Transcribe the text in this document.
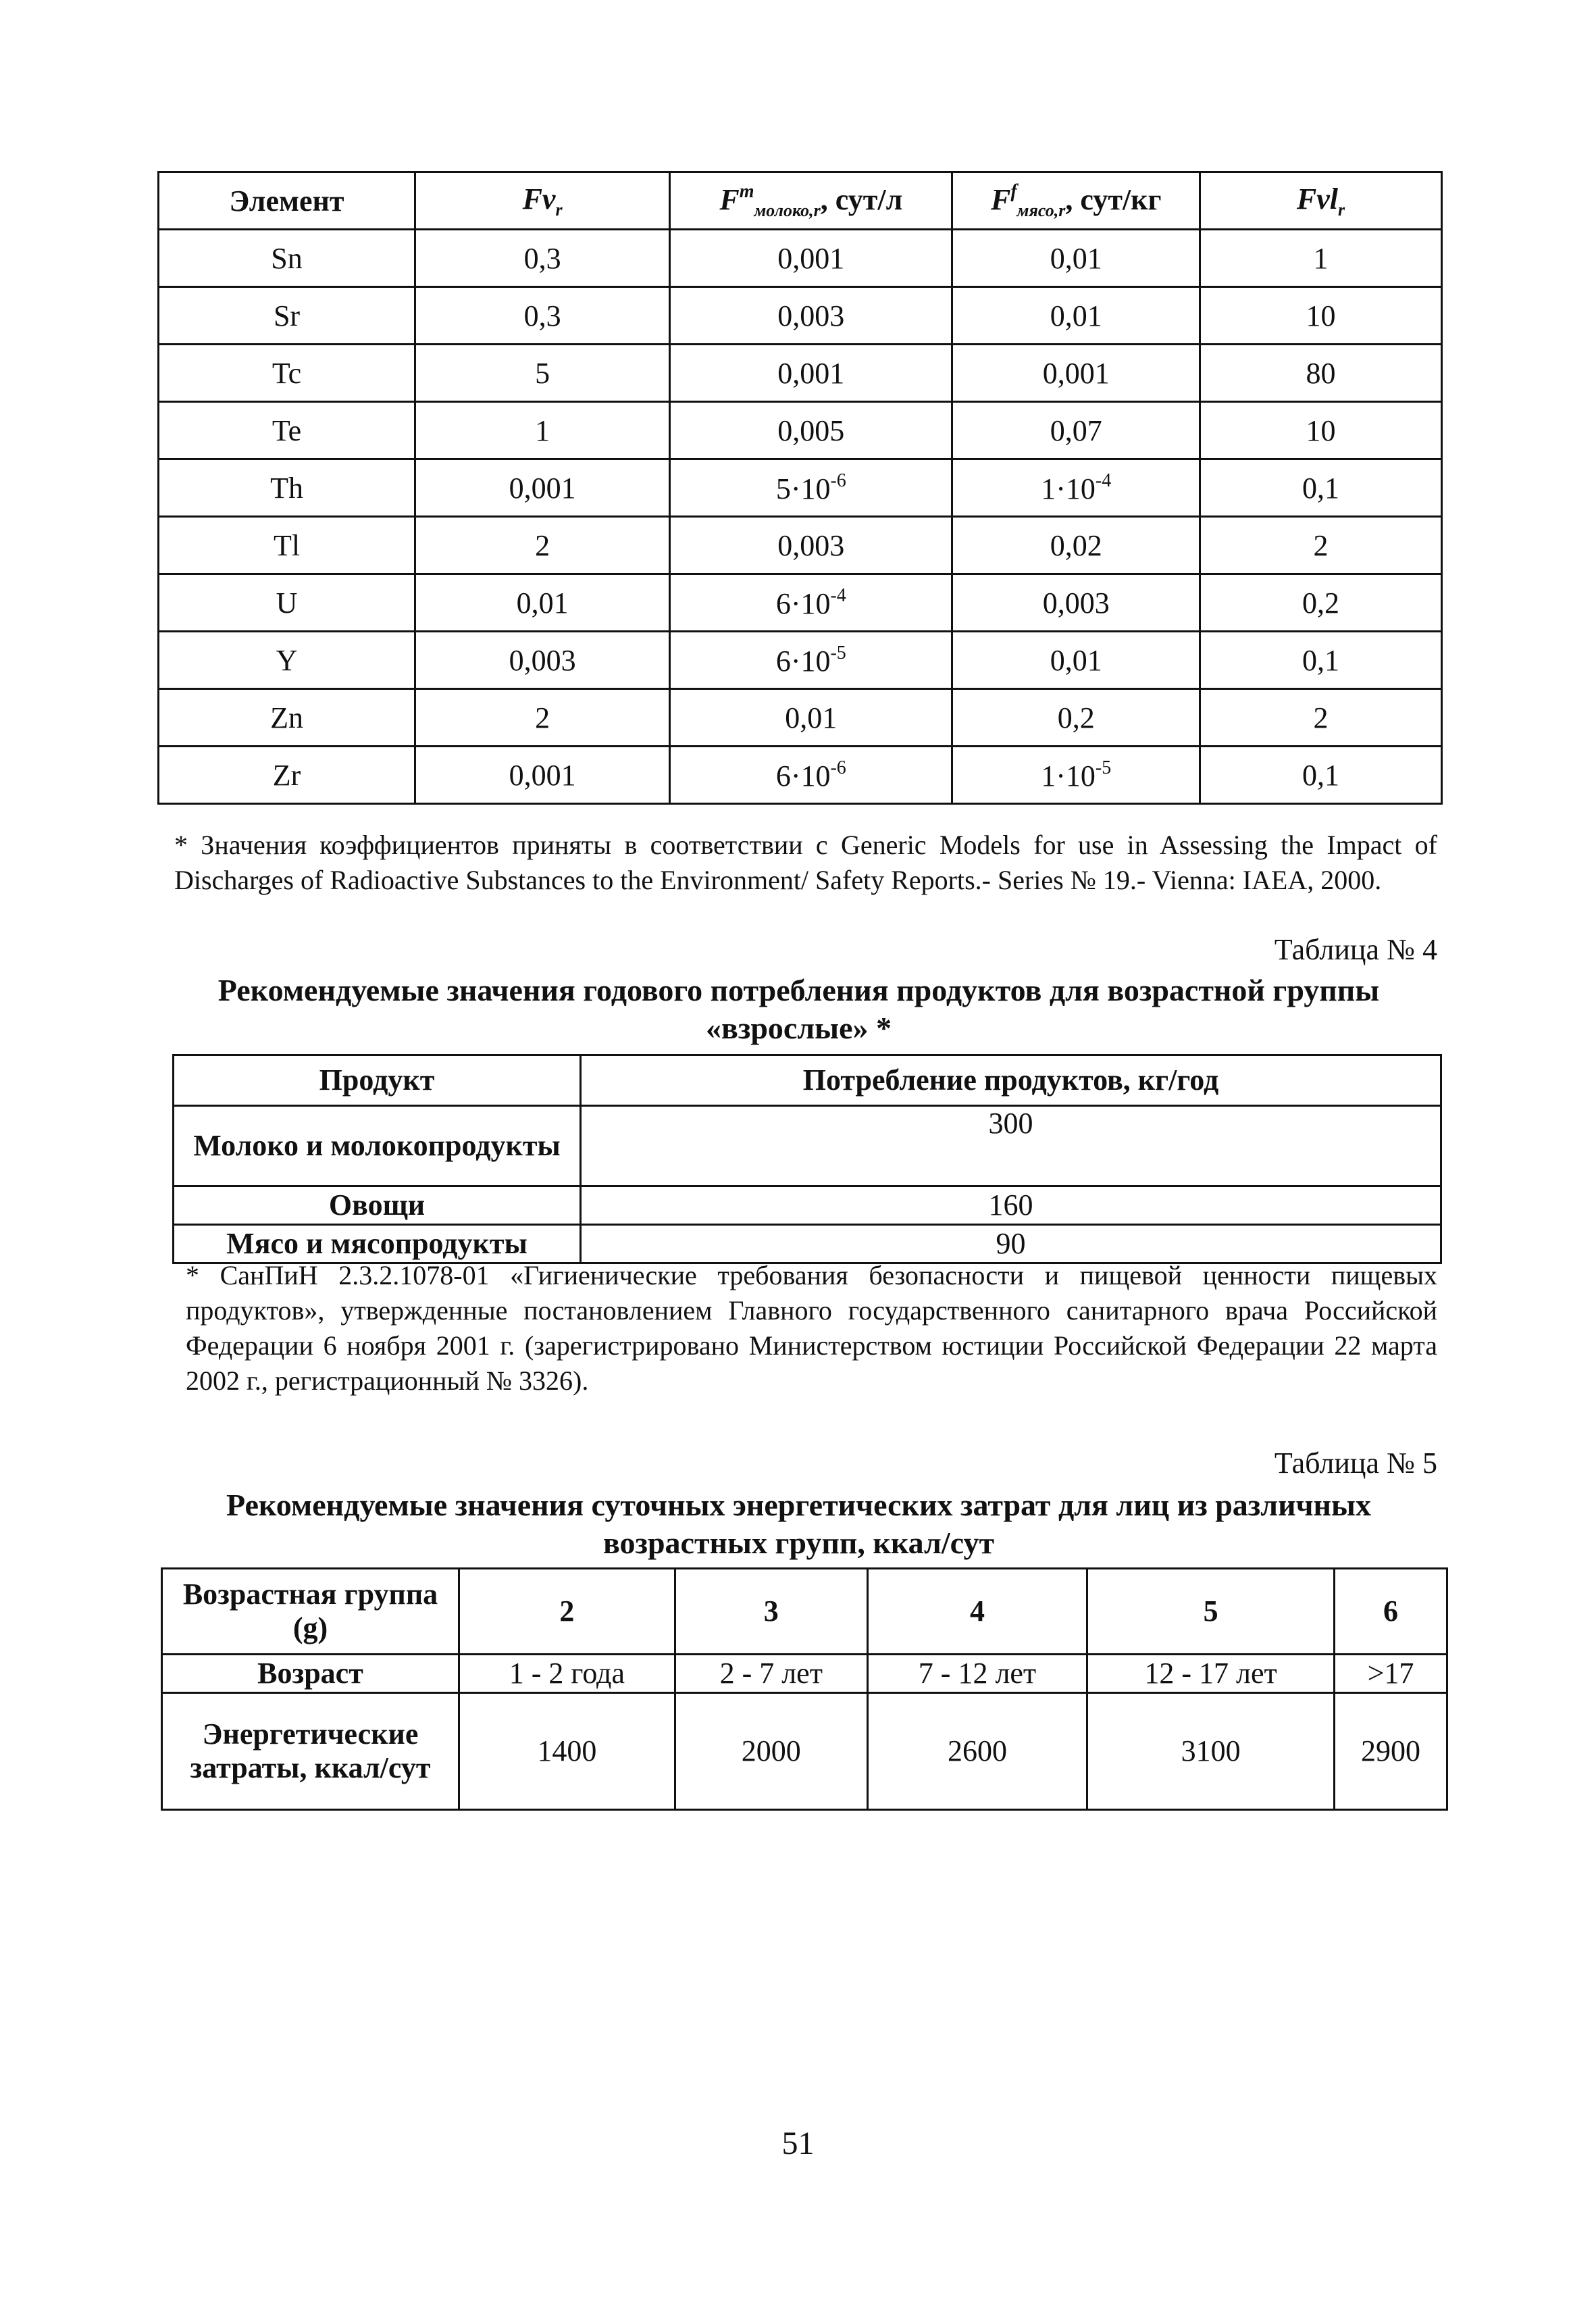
Элемент	$Fv_r$	$F^m_{молоко,r}$, сут/л	$F^f_{мясо,r}$, сут/кг	Fvl$_r$
Sn	0,3	0,001	0,01	1
Sr	0,3	0,003	0,01	10
Tc	5	0,001	0,001	80
Te	1	0,005	0,07	10
Th	0,001	$5\cdot 10^{-6}$	$1\cdot 10^{-4}$	0,1
Tl	2	0,003	0,02	2
U	0,01	$6\cdot 10^{-4}$	0,003	0,2
Y	0,003	$6\cdot 10^{-5}$	0,01	0,1
Zn	2	0,01	0,2	2
Zr	0,001	$6\cdot 10^{-6}$	$1\cdot 10^{-5}$	0,1
* Значения коэффициентов приняты в соответствии с Generic Models for use in Assessing the Impact of Discharges of Radioactive Substances to the Environment/ Safety Reports.- Series № 19.- Vienna: IAEA, 2000.
Таблица № 4
Рекомендуемые значения годового потребления продуктов для возрастной группы «взрослые» *
Продукт	Потребление продуктов, кг/год
Молоко и молокопродукты	300
Овощи	160
Мясо и мясопродукты	90
* СанПиН 2.3.2.1078-01 «Гигиенические требования безопасности и пищевой ценности пищевых продуктов», утвержденные постановлением Главного государственного санитарного врача Российской Федерации 6 ноября 2001 г. (зарегистрировано Министерством юстиции Российской Федерации 22 марта 2002 г., регистрационный № 3326).
Таблица № 5
Рекомендуемые значения суточных энергетических затрат для лиц из различных возрастных групп, ккал/сут
Возрастная группа (g)	2	3	4	5	6
Возраст	1 - 2 года	2 - 7 лет	7 - 12 лет	12 - 17 лет	>17
Энергетические затраты, ккал/сут	1400	2000	2600	3100	2900
51
